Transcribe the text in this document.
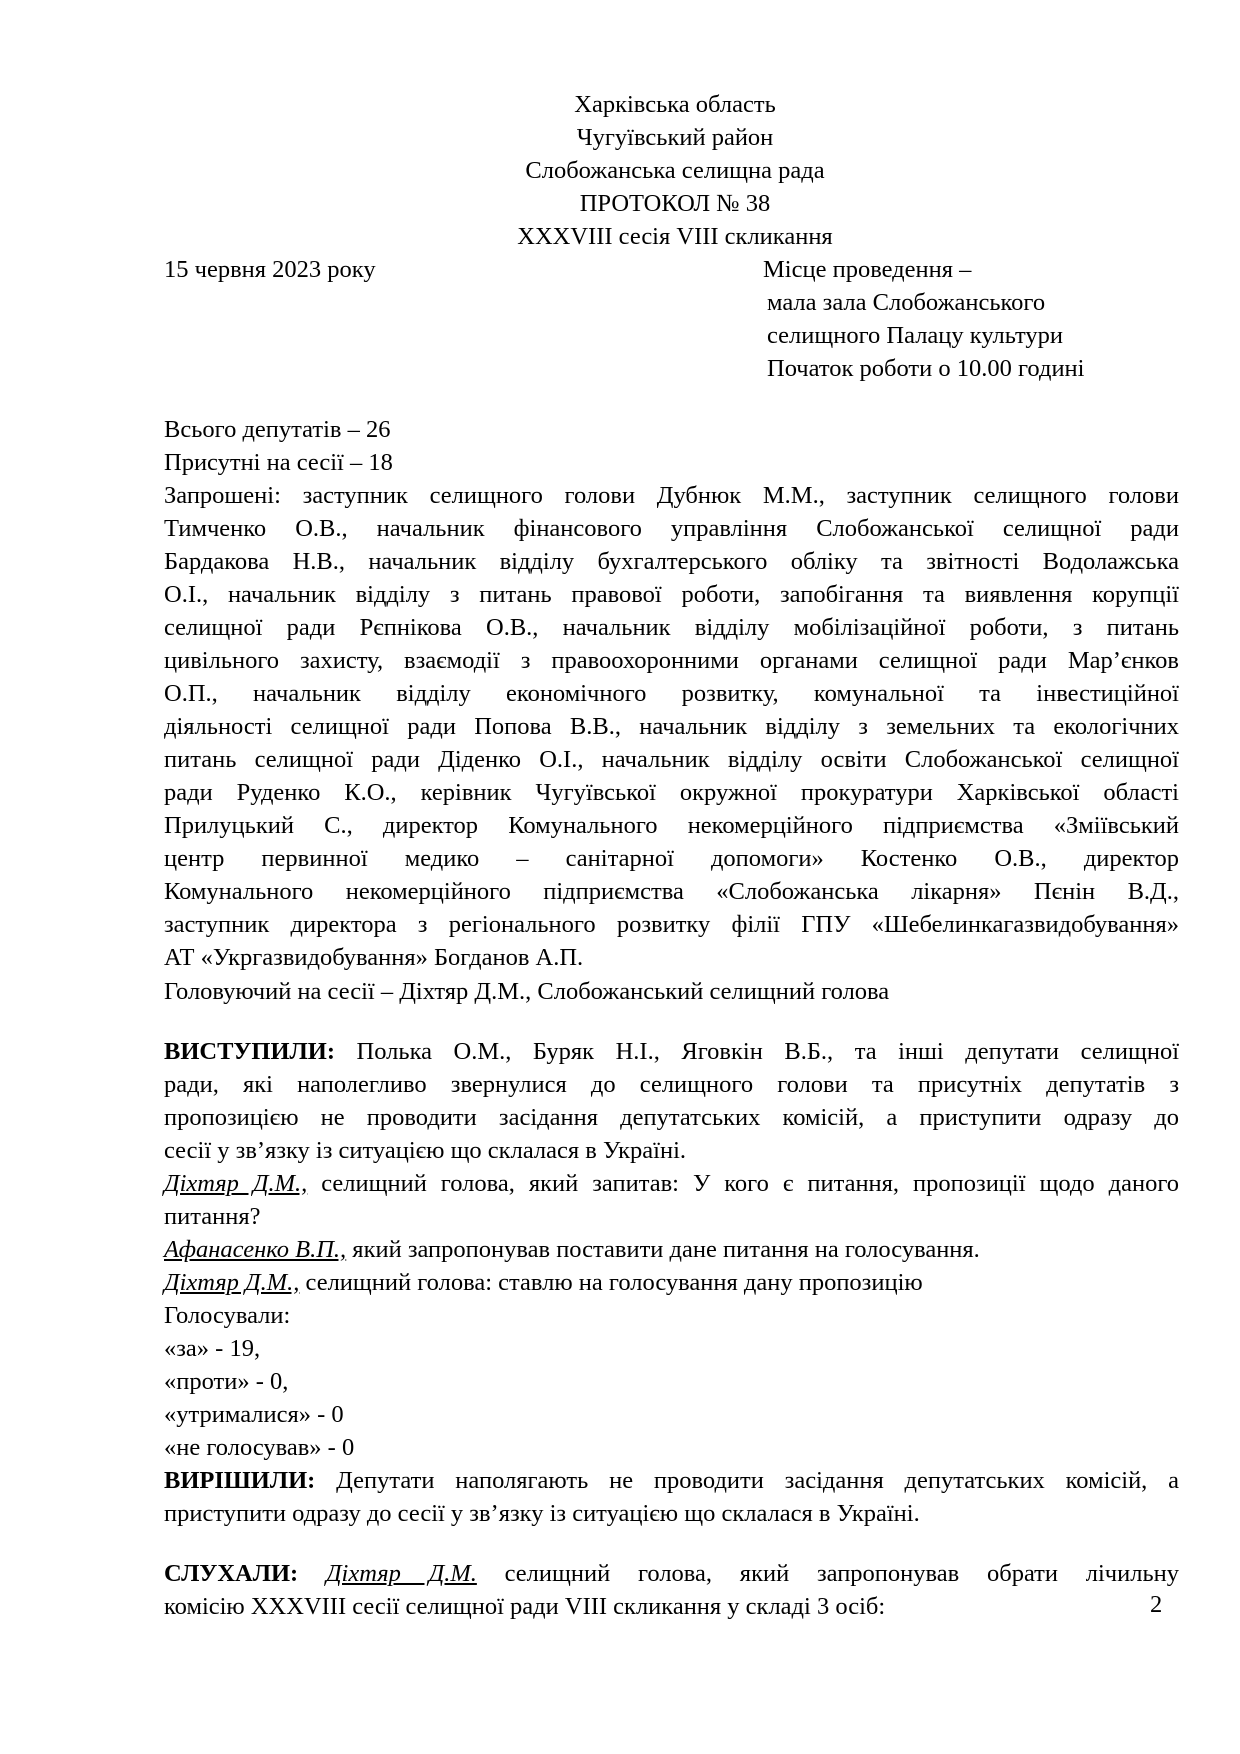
Харківська область
Чугуївський район
Слобожанська селищна рада
ПРОТОКОЛ № 38
XXXVIII сесія VIII скликання
15 червня 2023 року	Місце проведення –
мала зала Слобожанського
селищного Палацу культури
Початок роботи о 10.00 годині
Всього депутатів – 26
Присутні на сесії – 18

Запрошені: заступник селищного голови Дубнюк М.М., заступник селищного голови

Тимченко О.В., начальник фінансового управління Слобожанської селищної ради

Бардакова Н.В., начальник відділу бухгалтерського обліку та звітності Водолажська

О.І., начальник відділу з питань правової роботи, запобігання та виявлення корупції

селищної ради Рєпнікова О.В., начальник відділу мобілізаційної роботи, з питань

цивільного захисту, взаємодії з правоохоронними органами селищної ради Мар’єнков

О.П., начальник відділу економічного розвитку, комунальної та інвестиційної

діяльності селищної ради Попова В.В., начальник відділу з земельних та екологічних

питань селищної ради Діденко О.І., начальник відділу освіти Слобожанської селищної

ради Руденко К.О., керівник Чугуївської окружної прокуратури Харківської області

Прилуцький С., директор Комунального некомерційного підприємства «Зміївський

центр первинної медико – санітарної допомоги» Костенко О.В., директор

Комунального некомерційного підприємства «Слобожанська лікарня» Пєнін В.Д.,

заступник директора з регіонального розвитку філії ГПУ «Шебелинкагазвидобування»

АТ «Укргазвидобування» Богданов А.П.

Головуючий на сесії – Діхтяр Д.М., Слобожанський селищний голова

ВИСТУПИЛИ: Полька О.М., Буряк Н.І., Яговкін В.Б., та інші депутати селищної

ради, які наполегливо звернулися до селищного голови та присутніх депутатів з

пропозицією не проводити засідання депутатських комісій, а приступити одразу до

сесії у зв’язку із ситуацією що склалася в Україні.

Діхтяр Д.М., селищний голова, який запитав: У кого є питання, пропозиції щодо даного

питання?

Афанасенко В.П., який запропонував поставити дане питання на голосування.

Діхтяр Д.М., селищний голова: ставлю на голосування дану пропозицію

Голосували:

«за» - 19,

«проти» - 0,

«утрималися» - 0

«не голосував» - 0

ВИРІШИЛИ: Депутати наполягають не проводити засідання депутатських комісій, а

приступити одразу до сесії у зв’язку із ситуацією що склалася в Україні.

СЛУХАЛИ: Діхтяр Д.М. селищний голова, який запропонував обрати лічильну

комісію XXXVIII сесії селищної ради VIII скликання у складі 3 осіб:	2
